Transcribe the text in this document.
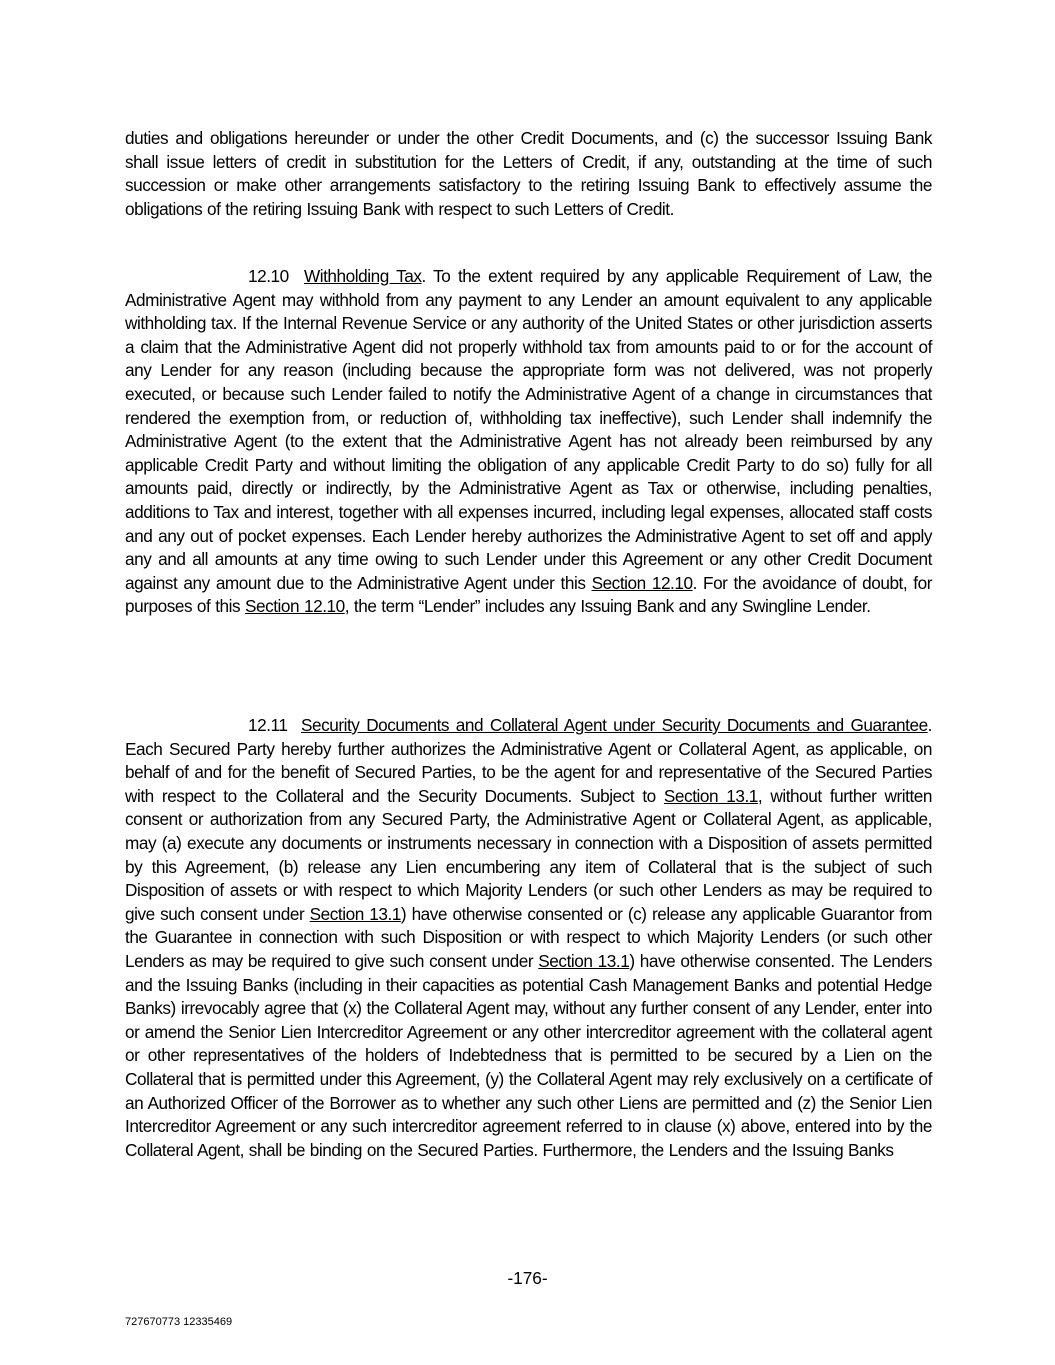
duties and obligations hereunder or under the other Credit Documents, and (c) the successor Issuing Bank shall issue letters of credit in substitution for the Letters of Credit, if any, outstanding at the time of such succession or make other arrangements satisfactory to the retiring Issuing Bank to effectively assume the obligations of the retiring Issuing Bank with respect to such Letters of Credit.

12.10 Withholding Tax. To the extent required by any applicable Requirement of Law, the Administrative Agent may withhold from any payment to any Lender an amount equivalent to any applicable withholding tax. If the Internal Revenue Service or any authority of the United States or other jurisdiction asserts a claim that the Administrative Agent did not properly withhold tax from amounts paid to or for the account of any Lender for any reason (including because the appropriate form was not delivered, was not properly executed, or because such Lender failed to notify the Administrative Agent of a change in circumstances that rendered the exemption from, or reduction of, withholding tax ineffective), such Lender shall indemnify the Administrative Agent (to the extent that the Administrative Agent has not already been reimbursed by any applicable Credit Party and without limiting the obligation of any applicable Credit Party to do so) fully for all amounts paid, directly or indirectly, by the Administrative Agent as Tax or otherwise, including penalties, additions to Tax and interest, together with all expenses incurred, including legal expenses, allocated staff costs and any out of pocket expenses. Each Lender hereby authorizes the Administrative Agent to set off and apply any and all amounts at any time owing to such Lender under this Agreement or any other Credit Document against any amount due to the Administrative Agent under this Section 12.10. For the avoidance of doubt, for purposes of this Section 12.10, the term “Lender” includes any Issuing Bank and any Swingline Lender.

12.11 Security Documents and Collateral Agent under Security Documents and Guarantee. Each Secured Party hereby further authorizes the Administrative Agent or Collateral Agent, as applicable, on behalf of and for the benefit of Secured Parties, to be the agent for and representative of the Secured Parties with respect to the Collateral and the Security Documents. Subject to Section 13.1, without further written consent or authorization from any Secured Party, the Administrative Agent or Collateral Agent, as applicable, may (a) execute any documents or instruments necessary in connection with a Disposition of assets permitted by this Agreement, (b) release any Lien encumbering any item of Collateral that is the subject of such Disposition of assets or with respect to which Majority Lenders (or such other Lenders as may be required to give such consent under Section 13.1) have otherwise consented or (c) release any applicable Guarantor from the Guarantee in connection with such Disposition or with respect to which Majority Lenders (or such other Lenders as may be required to give such consent under Section 13.1) have otherwise consented. The Lenders and the Issuing Banks (including in their capacities as potential Cash Management Banks and potential Hedge Banks) irrevocably agree that (x) the Collateral Agent may, without any further consent of any Lender, enter into or amend the Senior Lien Intercreditor Agreement or any other intercreditor agreement with the collateral agent or other representatives of the holders of Indebtedness that is permitted to be secured by a Lien on the Collateral that is permitted under this Agreement, (y) the Collateral Agent may rely exclusively on a certificate of an Authorized Officer of the Borrower as to whether any such other Liens are permitted and (z) the Senior Lien Intercreditor Agreement or any such intercreditor agreement referred to in clause (x) above, entered into by the Collateral Agent, shall be binding on the Secured Parties. Furthermore, the Lenders and the Issuing Banks

-176-
727670773 12335469
